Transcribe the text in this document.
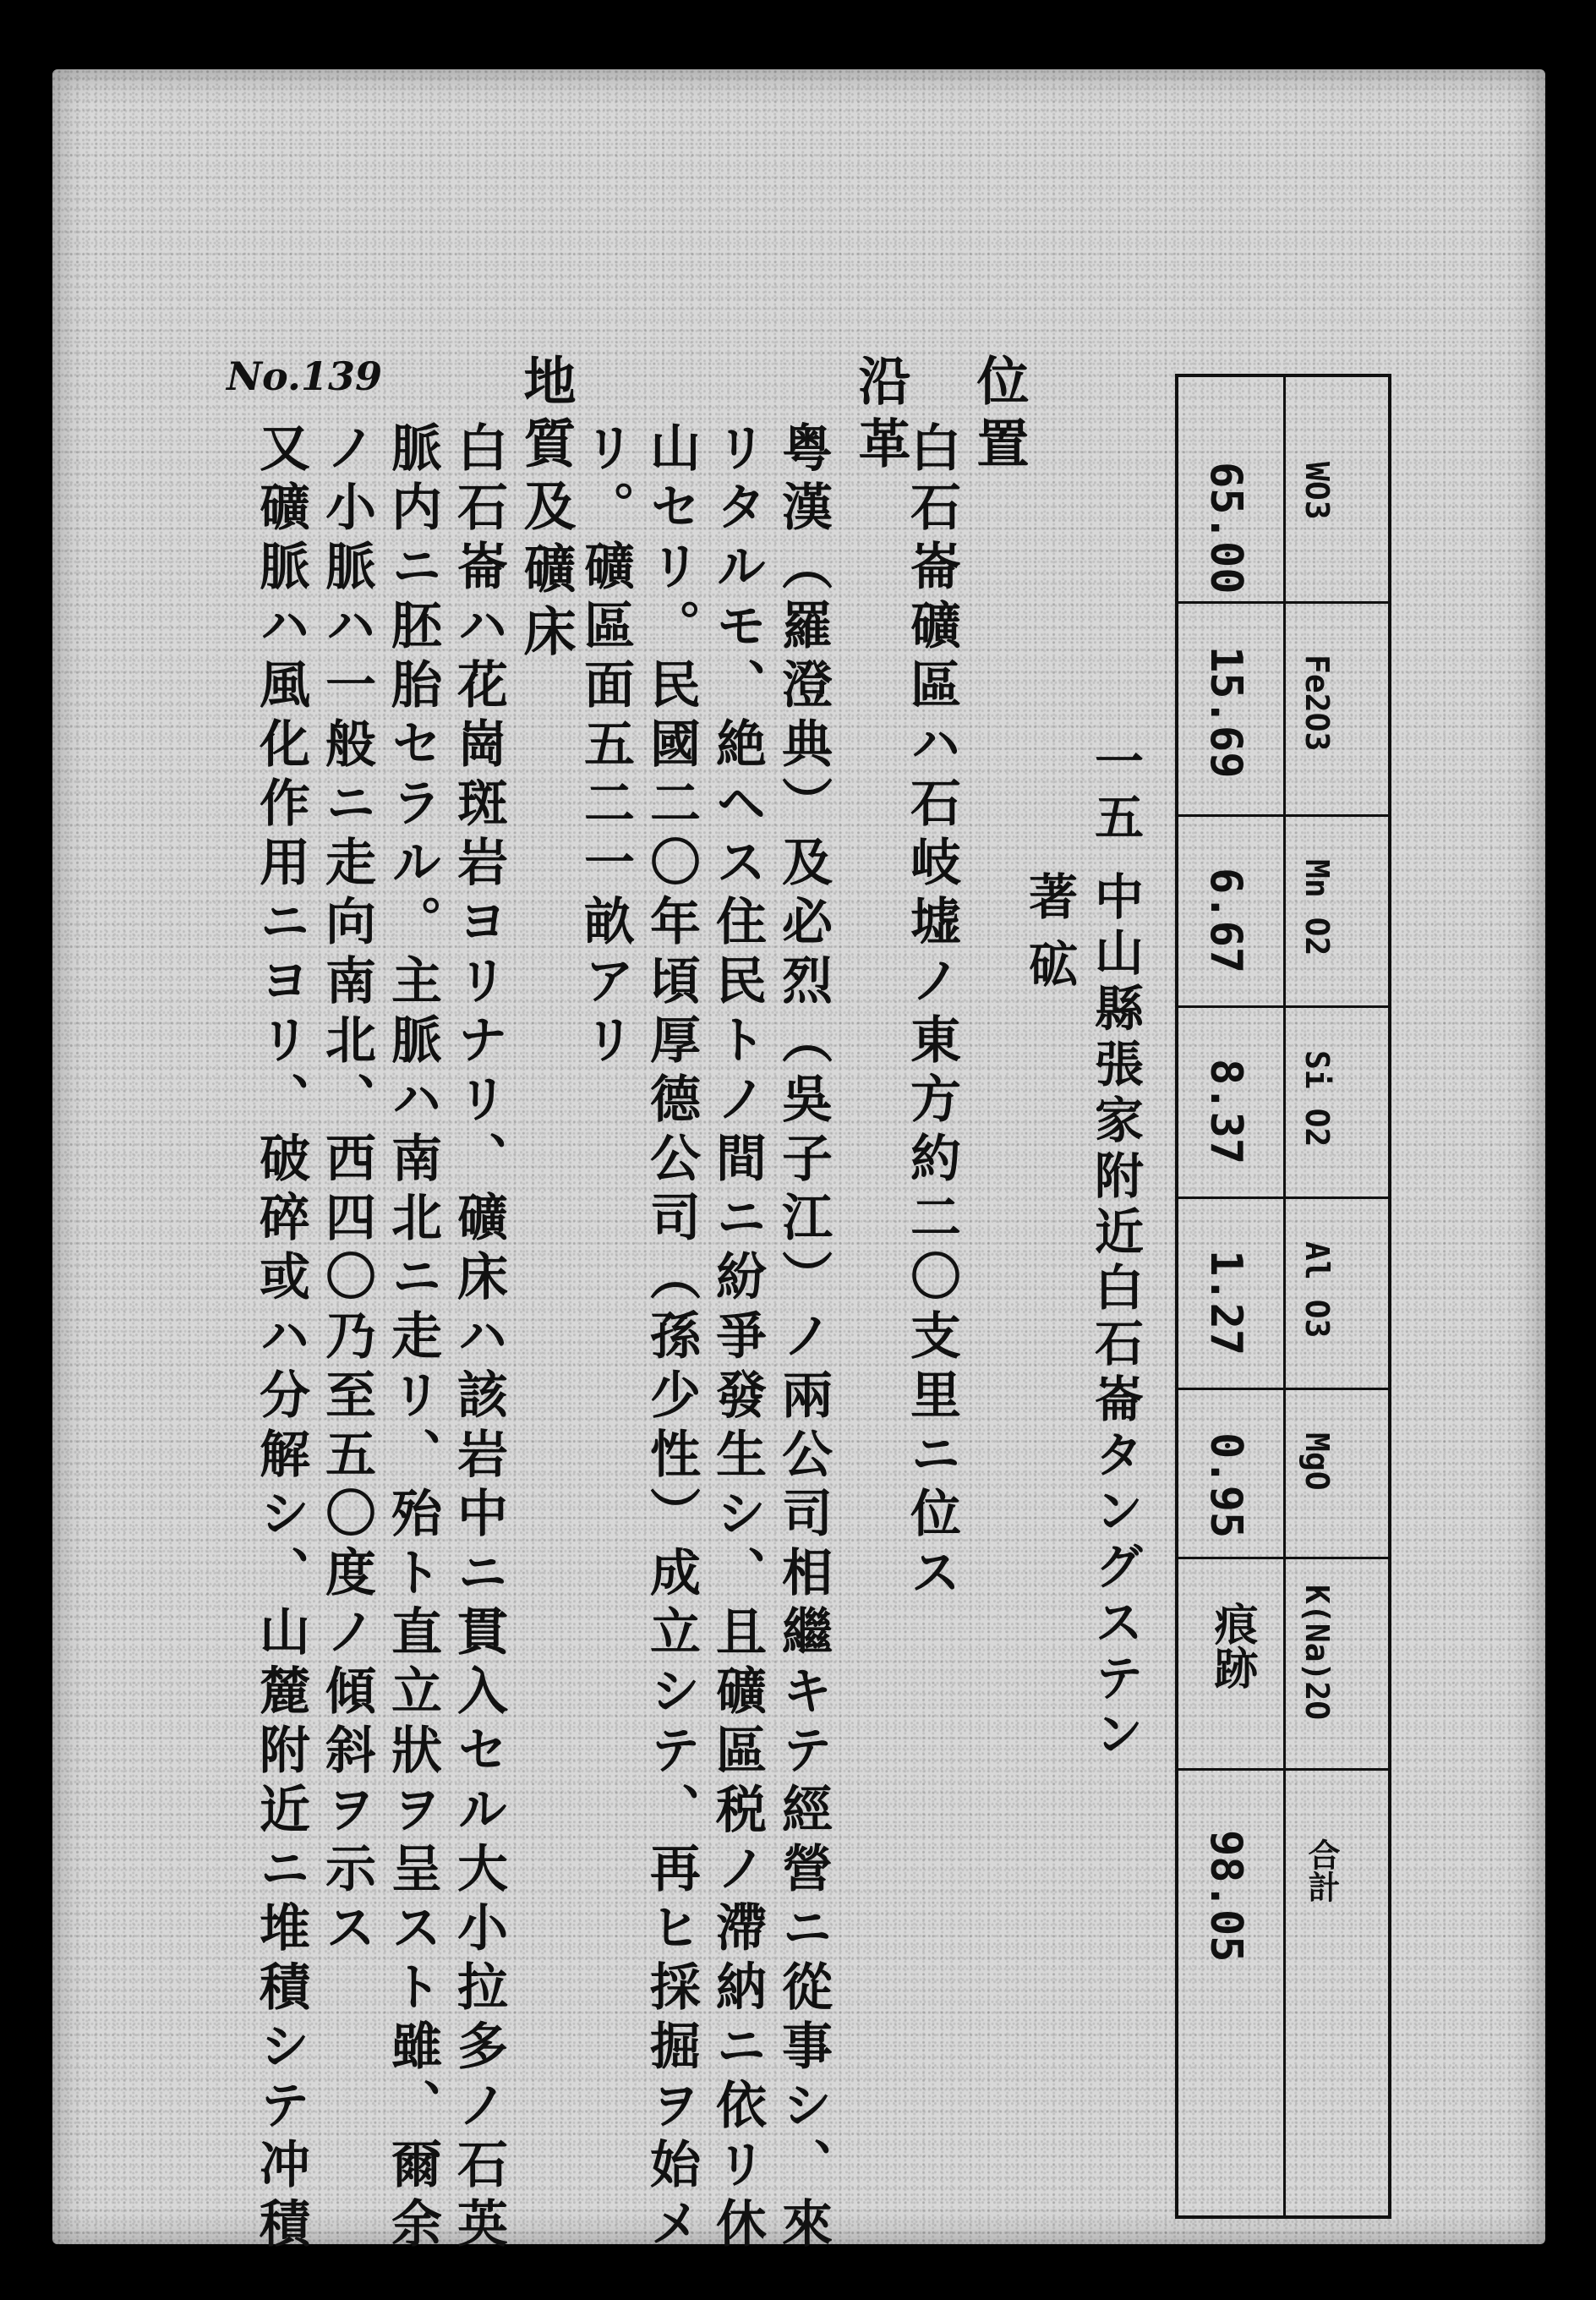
No.139
一五
中山縣張家附近白石崙タングステン
著
砿
WO3
65.00
Fe2O3
15.69
Mn O2
6.67
Si O2
8.37
Al O3
1.27
MgO
0.95
K(Na)2O
痕跡
合計
98.05
位置
白石崙礦區ハ石岐墟ノ東方約二〇支里ニ位ス
沿革
粤漢（羅澄典）及必烈（吳子江）ノ兩公司相繼キテ經營ニ從事シ、來
リタルモ、絶ヘス住民トノ間ニ紛爭發生シ、且礦區税ノ滯納ニ依リ休
山セリ。民國二〇年頃厚德公司（孫少性）成立シテ、再ヒ採掘ヲ始メ
リ。礦區面五二一畝アリ
地質及礦床
白石崙ハ花崗斑岩ヨリナリ、礦床ハ該岩中ニ貫入セル大小拉多ノ石英
脈内ニ胚胎セラル。主脈ハ南北ニ走リ、殆ト直立狀ヲ呈スト雖、爾余
ノ小脈ハ一般ニ走向南北、西四〇乃至五〇度ノ傾斜ヲ示ス
又礦脈ハ風化作用ニヨリ、破碎或ハ分解シ、山麓附近ニ堆積シテ冲積
